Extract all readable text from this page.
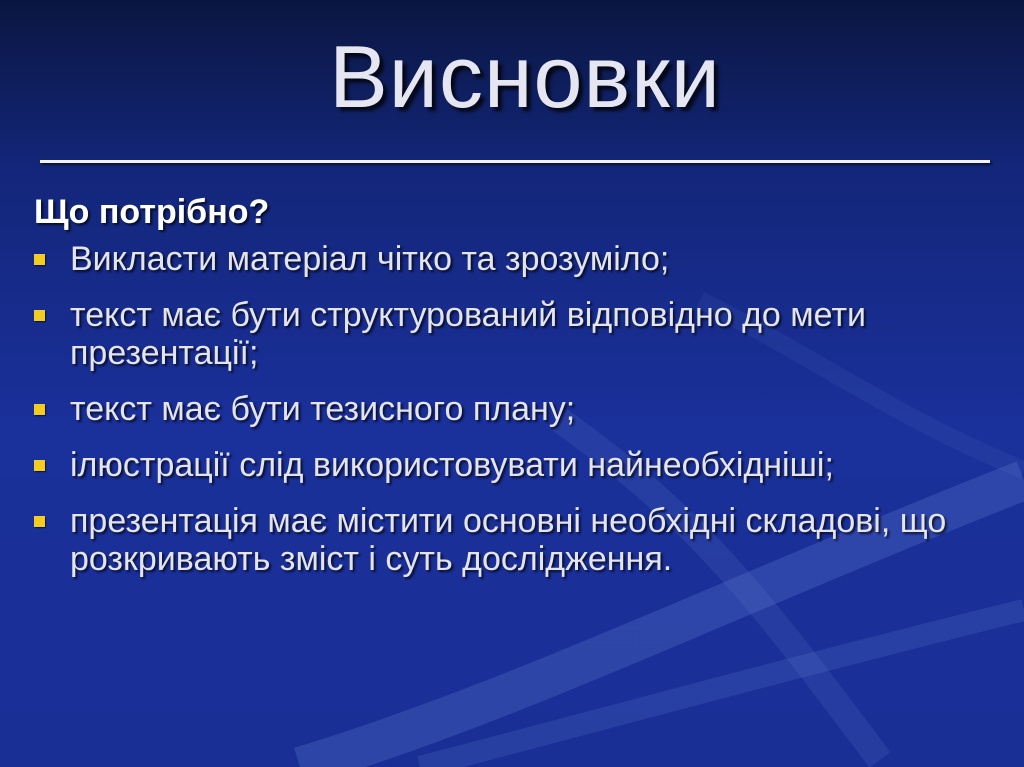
Висновки
Що потрібно?
Викласти матеріал чітко та зрозуміло;
текст має бути структурований відповідно до мети презентації;
текст має бути тезисного плану;
ілюстрації слід використовувати найнеобхідніші;
презентація має містити основні необхідні складові, що розкривають зміст і суть дослідження.
